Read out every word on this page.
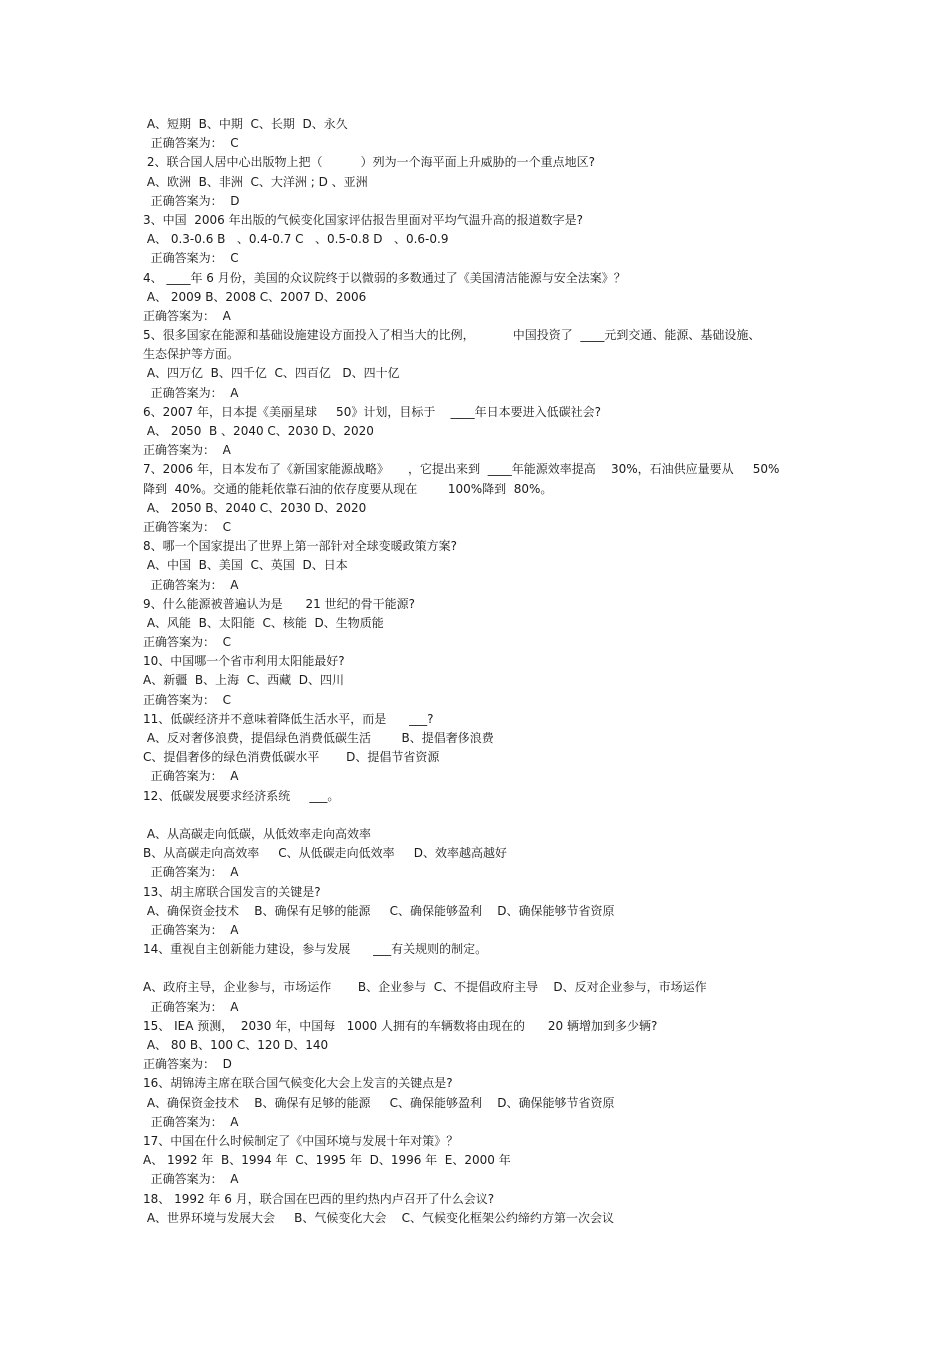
A、短期  B、中期  C、长期  D、永久
正确答案为：  C
2、联合国人居中心出版物上把（          ）列为一个海平面上升威胁的一个重点地区?
A、欧洲  B、非洲  C、大洋洲 ; D 、亚洲
正确答案为：  D
3、中国  2006 年出版的气候变化国家评估报告里面对平均气温升高的报道数字是?
A、 0.3-0.6 B   、0.4-0.7 C   、0.5-0.8 D   、0.6-0.9
正确答案为：  C
4、 ____年 6 月份，美国的众议院终于以微弱的多数通过了《美国清洁能源与安全法案》？
A、 2009 B、2008 C、2007 D、2006
正确答案为：  A
5、很多国家在能源和基础设施建设方面投入了相当大的比例，          中国投资了  ____元到交通、能源、基础设施、
生态保护等方面。
A、四万亿  B、四千亿  C、四百亿   D、四十亿
正确答案为：  A
6、2007 年，日本提《美丽星球     50》计划，目标于    ____年日本要进入低碳社会?
A、 2050  B 、2040 C、2030 D、2020
正确答案为：  A
7、2006 年，日本发布了《新国家能源战略》     ，它提出来到  ____年能源效率提高    30%，石油供应量要从     50%
降到  40%。交通的能耗依靠石油的依存度要从现在        100%降到  80%。
A、 2050 B、2040 C、2030 D、2020
正确答案为：  C
8、哪一个国家提出了世界上第一部针对全球变暖政策方案?
A、中国  B、美国  C、英国  D、日本
正确答案为：  A
9、什么能源被普遍认为是      21 世纪的骨干能源?
A、风能  B、太阳能  C、核能  D、生物质能
正确答案为：  C
10、中国哪一个省市利用太阳能最好?
A、新疆  B、上海  C、西藏  D、四川
正确答案为：  C
11、低碳经济并不意味着降低生活水平，而是      ___?
A、反对奢侈浪费，提倡绿色消费低碳生活        B、提倡奢侈浪费
C、提倡奢侈的绿色消费低碳水平       D、提倡节省资源
正确答案为：  A
12、低碳发展要求经济系统     ___。
A、从高碳走向低碳，从低效率走向高效率
B、从高碳走向高效率     C、从低碳走向低效率     D、效率越高越好
正确答案为：  A
13、胡主席联合国发言的关键是?
A、确保资金技术    B、确保有足够的能源     C、确保能够盈利    D、确保能够节省资原
正确答案为：  A
14、重视自主创新能力建设，参与发展      ___有关规则的制定。
A、政府主导，企业参与，市场运作       B、企业参与  C、不提倡政府主导    D、反对企业参与，市场运作
正确答案为：  A
15、 IEA 预测，  2030 年，中国每   1000 人拥有的车辆数将由现在的      20 辆增加到多少辆?
A、 80 B、100 C、120 D、140
正确答案为：  D
16、胡锦涛主席在联合国气候变化大会上发言的关键点是?
A、确保资金技术    B、确保有足够的能源     C、确保能够盈利    D、确保能够节省资原
正确答案为：  A
17、中国在什么时候制定了《中国环境与发展十年对策》？
A、 1992 年  B、1994 年  C、1995 年  D、1996 年  E、2000 年
正确答案为：  A
18、 1992 年 6 月，联合国在巴西的里约热内卢召开了什么会议?
A、世界环境与发展大会     B、气候变化大会    C、气候变化框架公约缔约方第一次会议
